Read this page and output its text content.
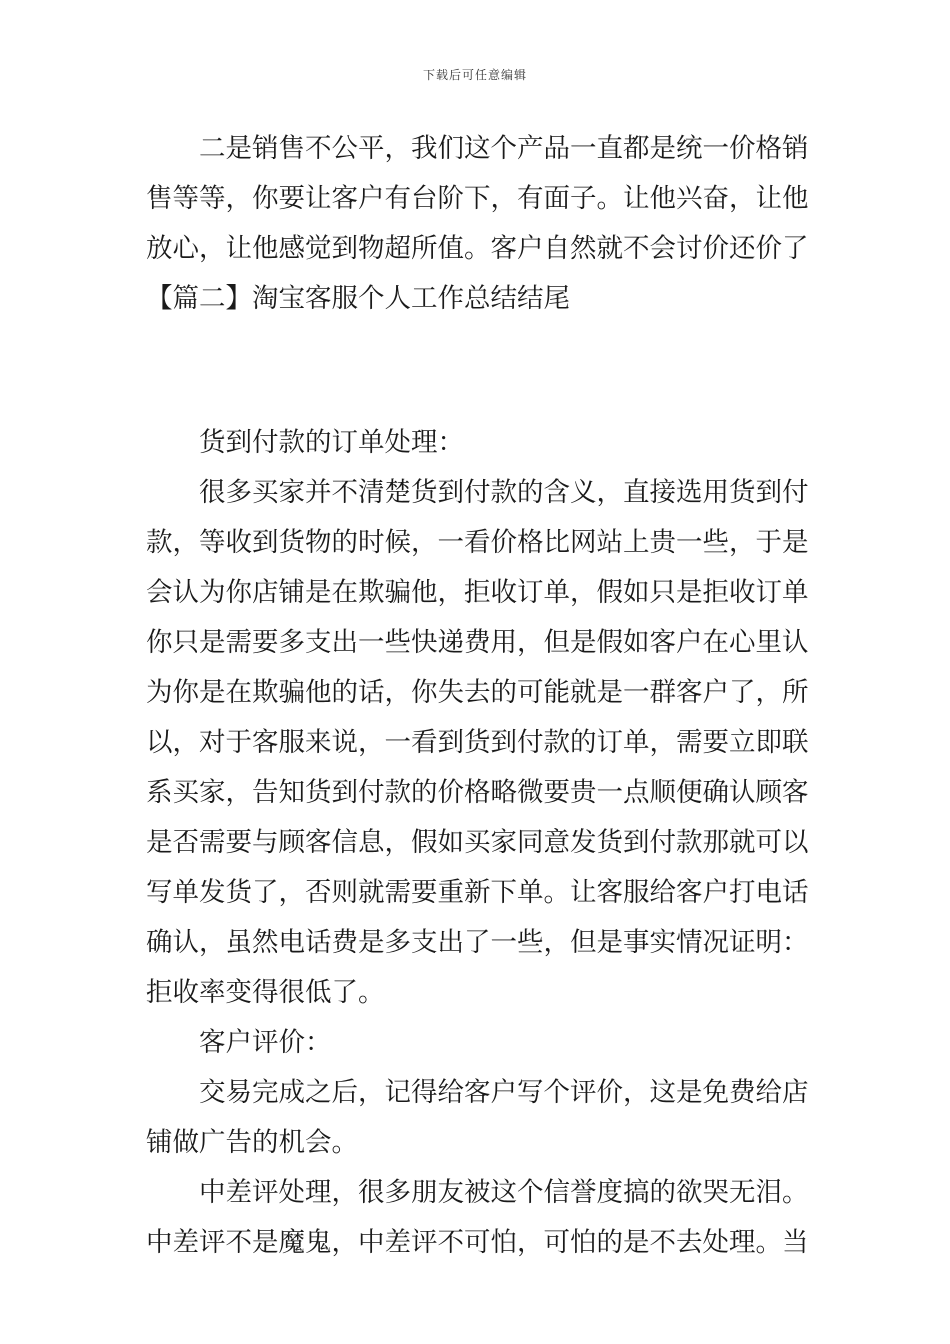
下载后可任意编辑

二是销售不公平，我们这个产品一直都是统一价格销

售等等，你要让客户有台阶下，有面子。让他兴奋，让他

放心，让他感觉到物超所值。客户自然就不会讨价还价了

【篇二】淘宝客服个人工作总结结尾

货到付款的订单处理：

很多买家并不清楚货到付款的含义，直接选用货到付

款，等收到货物的时候，一看价格比网站上贵一些，于是

会认为你店铺是在欺骗他，拒收订单，假如只是拒收订单

你只是需要多支出一些快递费用，但是假如客户在心里认

为你是在欺骗他的话，你失去的可能就是一群客户了，所

以，对于客服来说，一看到货到付款的订单，需要立即联

系买家，告知货到付款的价格略微要贵一点顺便确认顾客

是否需要与顾客信息，假如买家同意发货到付款那就可以

写单发货了，否则就需要重新下单。让客服给客户打电话

确认，虽然电话费是多支出了一些，但是事实情况证明：

拒收率变得很低了。

客户评价：

交易完成之后，记得给客户写个评价，这是免费给店

铺做广告的机会。

中差评处理，很多朋友被这个信誉度搞的欲哭无泪。

中差评不是魔鬼，中差评不可怕，可怕的是不去处理。当
